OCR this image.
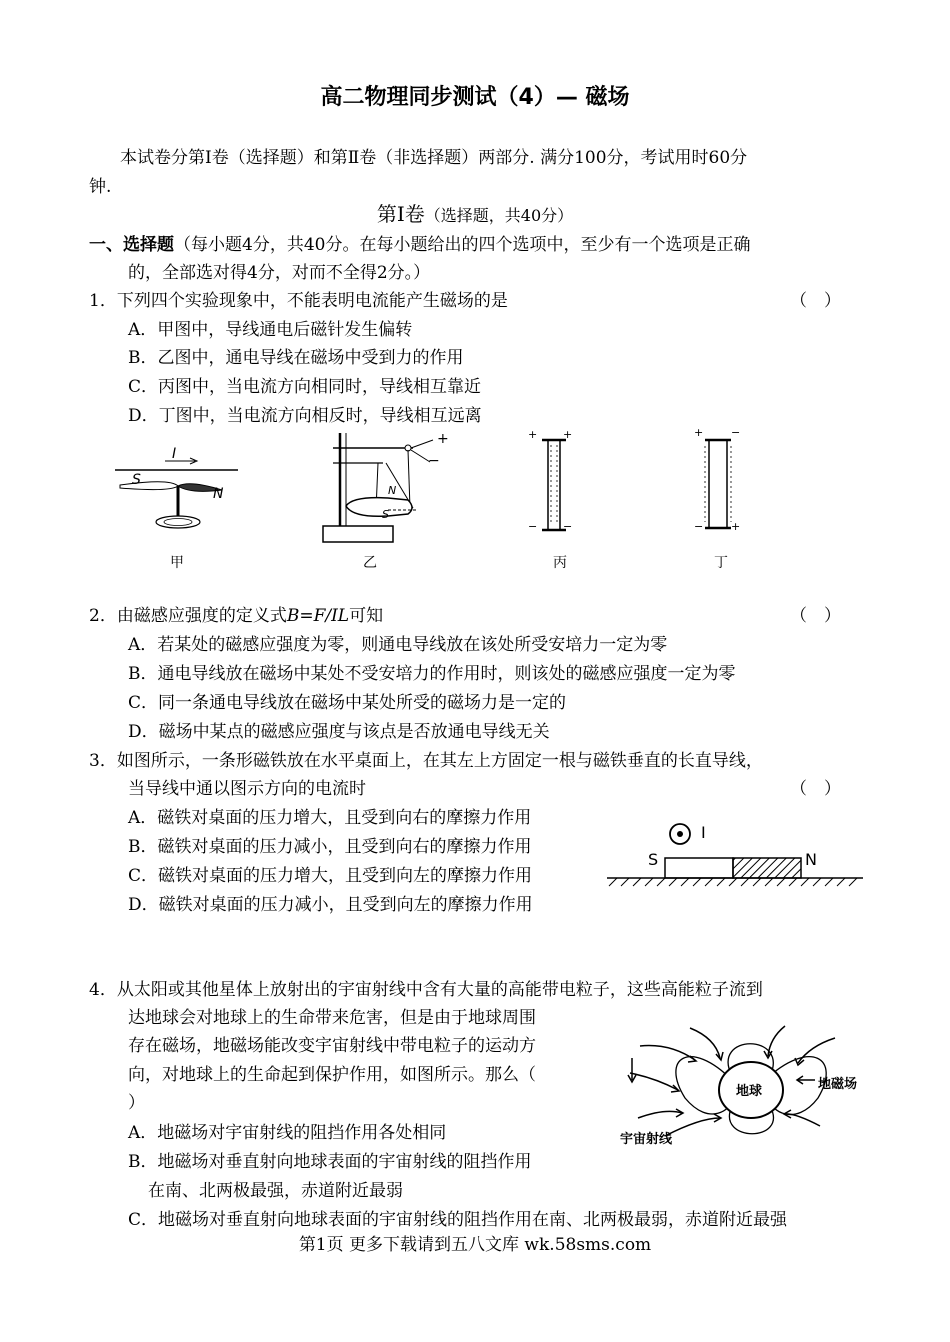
高二物理同步测试（4）— 磁场
本试卷分第Ⅰ卷（选择题）和第Ⅱ卷（非选择题）两部分. 满分100分，考试用时60分
钟.
第Ⅰ卷（选择题，共40分）
一、选择题（每小题4分，共40分。在每小题给出的四个选项中，至少有一个选项是正确
的，全部选对得4分，对而不全得2分。）
1．下列四个实验现象中，不能表明电流能产生磁场的是	（　）
A．甲图中，导线通电后磁针发生偏转
B．乙图中，通电导线在磁场中受到力的作用
C．丙图中，当电流方向相同时，导线相互靠近
D．丁图中，当电流方向相反时，导线相互远离
I
S
N
+
−
N
S
+ +
− −
+	−
−	+
甲	乙	丙	丁
2．由磁感应强度的定义式B=F/IL可知	（　）
A．若某处的磁感应强度为零，则通电导线放在该处所受安培力一定为零
B．通电导线放在磁场中某处不受安培力的作用时，则该处的磁感应强度一定为零
C．同一条通电导线放在磁场中某处所受的磁场力是一定的
D．磁场中某点的磁感应强度与该点是否放通电导线无关
3．如图所示，一条形磁铁放在水平桌面上，在其左上方固定一根与磁铁垂直的长直导线，
当导线中通以图示方向的电流时	（　）
A．磁铁对桌面的压力增大，且受到向右的摩擦力作用
B．磁铁对桌面的压力减小，且受到向右的摩擦力作用
C．磁铁对桌面的压力增大，且受到向左的摩擦力作用
D．磁铁对桌面的压力减小，且受到向左的摩擦力作用
I
S	N
4．从太阳或其他星体上放射出的宇宙射线中含有大量的高能带电粒子，这些高能粒子流到
达地球会对地球上的生命带来危害，但是由于地球周围
存在磁场，地磁场能改变宇宙射线中带电粒子的运动方
向，对地球上的生命起到保护作用，如图所示。那么（
）
A．地磁场对宇宙射线的阻挡作用各处相同
B．地磁场对垂直射向地球表面的宇宙射线的阻挡作用
在南、北两极最强，赤道附近最弱
C．地磁场对垂直射向地球表面的宇宙射线的阻挡作用在南、北两极最弱，赤道附近最强
地球	地磁场
宇宙射线
第1页 更多下载请到五八文库 wk.58sms.com
